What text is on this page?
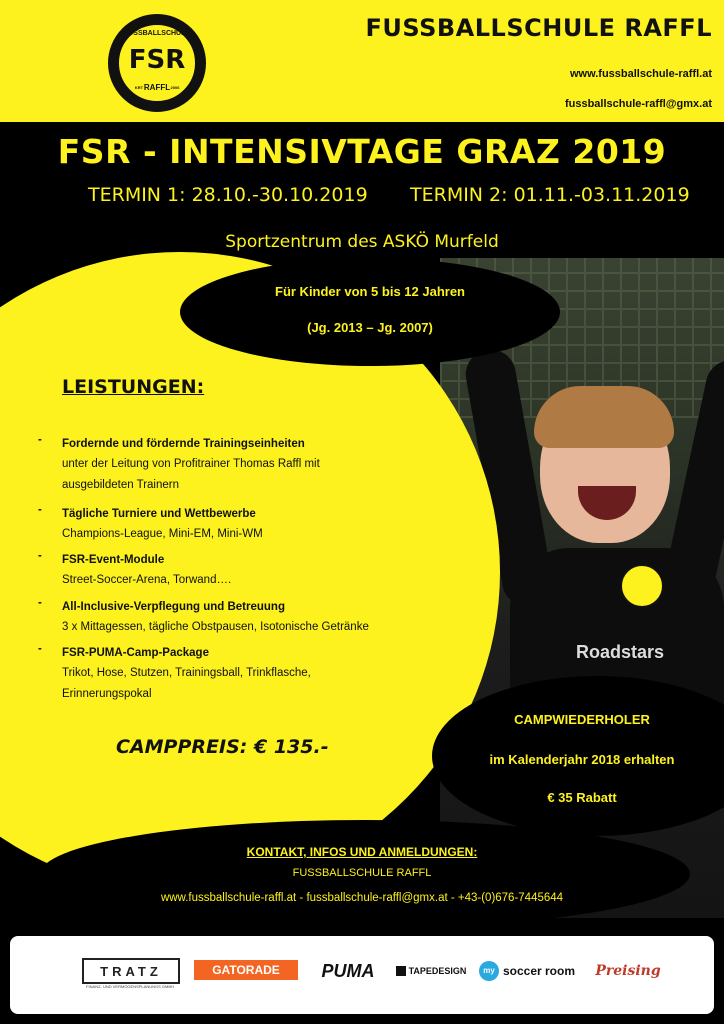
FUSSBALLSCHULE
FSR
RAFFL
KRT	2006
FUSSBALLSCHULE RAFFL
www.fussballschule-raffl.at
fussballschule-raffl@gmx.at
Roadstars
FSR - INTENSIVTAGE GRAZ 2019
TERMIN 1: 28.10.-30.10.2019 TERMIN 2: 01.11.-03.11.2019
Sportzentrum des ASKÖ Murfeld
Für Kinder von 5 bis 12 Jahren
(Jg. 2013 – Jg. 2007)
LEISTUNGEN:
- Fordernde und fördernde Trainingseinheiten
unter der Leitung von Profitrainer Thomas Raffl mit
ausgebildeten Trainern
- Tägliche Turniere und Wettbewerbe
Champions-League, Mini-EM, Mini-WM
- FSR-Event-Module
Street-Soccer-Arena, Torwand….
- All-Inclusive-Verpflegung und Betreuung
3 x Mittagessen, tägliche Obstpausen, Isotonische Getränke
- FSR-PUMA-Camp-Package
Trikot, Hose, Stutzen, Trainingsball, Trinkflasche,
Erinnerungspokal
CAMPPREIS: € 135.-
CAMPWIEDERHOLER
im Kalenderjahr 2018 erhalten
€ 35 Rabatt
KONTAKT, INFOS UND ANMELDUNGEN:
FUSSBALLSCHULE RAFFL
www.fussballschule-raffl.at - fussballschule-raffl@gmx.at - +43-(0)676-7445644
TRATZ
FINANZ- UND VERMÖGENSPLANUNGS GMBH
GATORADE	PUMA	TAPEDESIGN	my soccer room	Preising
